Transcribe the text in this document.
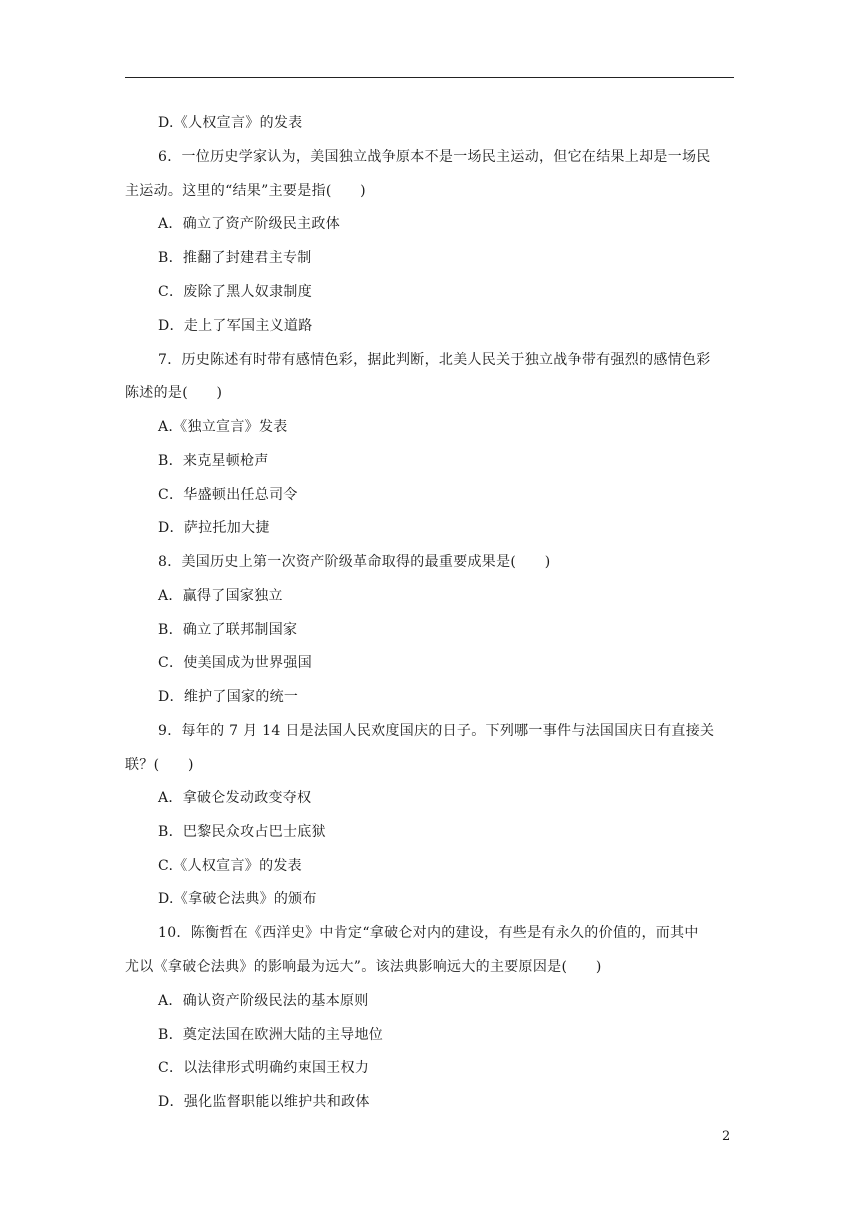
D.《人权宣言》的发表
6．一位历史学家认为，美国独立战争原本不是一场民主运动，但它在结果上却是一场民
主运动。这里的“结果”主要是指(　　)
A．确立了资产阶级民主政体
B．推翻了封建君主专制
C．废除了黑人奴隶制度
D．走上了军国主义道路
7．历史陈述有时带有感情色彩，据此判断，北美人民关于独立战争带有强烈的感情色彩
陈述的是(　　)
A.《独立宣言》发表
B．来克星顿枪声
C．华盛顿出任总司令
D．萨拉托加大捷
8．美国历史上第一次资产阶级革命取得的最重要成果是(　　)
A．赢得了国家独立
B．确立了联邦制国家
C．使美国成为世界强国
D．维护了国家的统一
9．每年的 7 月 14 日是法国人民欢度国庆的日子。下列哪一事件与法国国庆日有直接关
联？(　　)
A．拿破仑发动政变夺权
B．巴黎民众攻占巴士底狱
C.《人权宣言》的发表
D.《拿破仑法典》的颁布
10．陈衡哲在《西洋史》中肯定“拿破仑对内的建设，有些是有永久的价值的，而其中
尤以《拿破仑法典》的影响最为远大”。该法典影响远大的主要原因是(　　)
A．确认资产阶级民法的基本原则
B．奠定法国在欧洲大陆的主导地位
C．以法律形式明确约束国王权力
D．强化监督职能以维护共和政体
2
